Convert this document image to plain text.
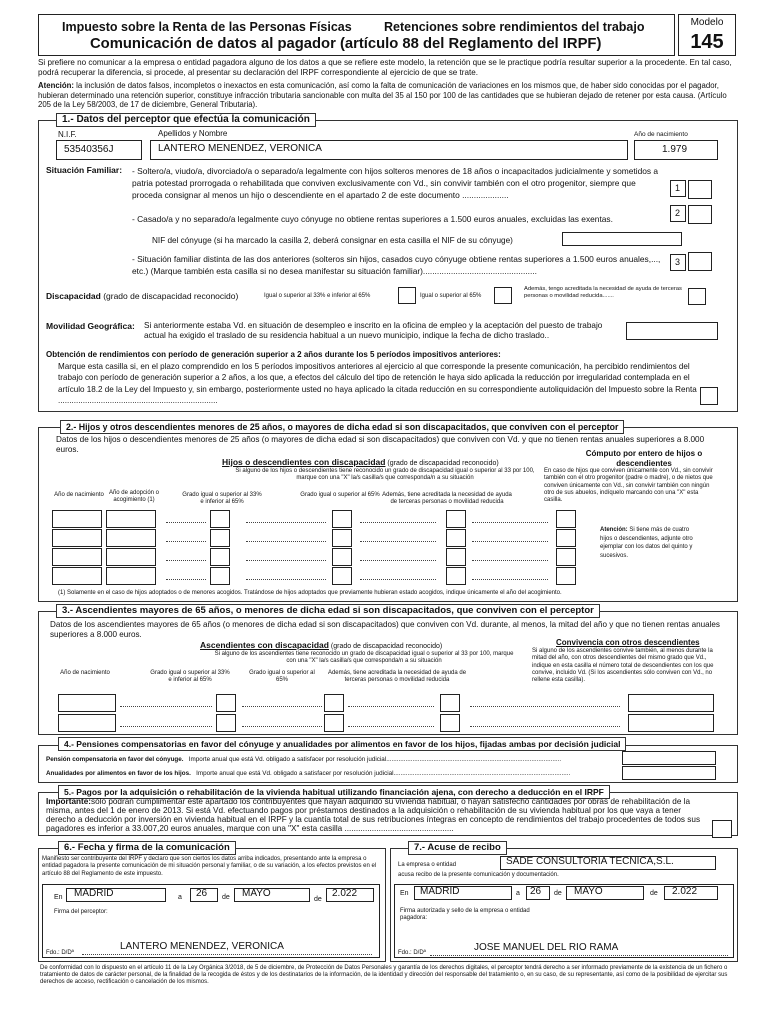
Impuesto sobre la Renta de las Personas Físicas	Retenciones sobre rendimientos del trabajo
Comunicación de datos al pagador (artículo 88 del Reglamento del IRPF)
Modelo
145
Si prefiere no comunicar a la empresa o entidad pagadora alguno de los datos a que se refiere este modelo, la retención que se le practique podría resultar superior a la procedente. En tal caso, podrá recuperar la diferencia, si procede, al presentar su declaración del IRPF correspondiente al ejercicio de que se trate.
Atención: la inclusión de datos falsos, incompletos o inexactos en esta comunicación, así como la falta de comunicación de variaciones en los mismos que, de haber sido conocidas por el pagador, hubieran determinado una retención superior, constituye infracción tributaria sancionable con multa del 35 al 150 por 100 de las cantidades que se hubieran dejado de retener por esta causa. (Artículo 205 de la Ley 58/2003, de 17 de diciembre, General Tributaria).
1.- Datos del perceptor que efectúa la comunicación
N.I.F.
53540356J
Apellidos y Nombre
LANTERO MENENDEZ, VERONICA
Año de nacimiento
1.979
Situación Familiar: - Soltero/a, viudo/a, divorciado/a o separado/a legalmente con hijos solteros menores de 18 años o incapacitados judicialmente y sometidos a patria potestad prorrogada o rehabilitada que conviven exclusivamente con Vd., sin convivir también con el otro progenitor, siempre que proceda consignar al menos un hijo o descendiente en el apartado 2 de este documento ....................
1
- Casado/a y no separado/a legalmente cuyo cónyuge no obtiene rentas superiores a 1.500 euros anuales, excluidas las exentas.
2
NIF del cónyuge (si ha marcado la casilla 2, deberá consignar en esta casilla el NIF de su cónyuge)
- Situación familiar distinta de las dos anteriores (solteros sin hijos, casados cuyo cónyuge obtiene rentas superiores a 1.500 euros anuales,..., etc.) (Marque también esta casilla si no desea manifestar su situación familiar).................................................
3
Discapacidad (grado de discapacidad reconocido)	Igual o superior al 33% e inferior al 65%	Igual o superior al 65%
Además, tengo acreditada la necesidad de ayuda de terceras personas o movilidad reducida.......
Movilidad Geográfica: Si anteriormente estaba Vd. en situación de desempleo e inscrito en la oficina de empleo y la aceptación del puesto de trabajo actual ha exigido el traslado de su residencia habitual a un nuevo municipio, indique la fecha de dicho traslado..
Obtención de rendimientos con período de generación superior a 2 años durante los 5 períodos impositivos anteriores:
Marque esta casilla si, en el plazo comprendido en los 5 períodos impositivos anteriores al ejercicio al que corresponde la presente comunicación, ha percibido rendimientos del trabajo con período de generación superior a 2 años, a los que, a efectos del cálculo del tipo de retención le haya sido aplicada la reducción por irregularidad contemplada en el artículo 18.2 de la Ley del Impuesto y, sin embargo, posteriormente usted no haya aplicado la citada reducción en su correspondiente autoliquidación del Impuesto sobre la Renta .......................................................................
2.- Hijos y otros descendientes menores de 25 años, o mayores de dicha edad si son discapacitados, que conviven con el perceptor
Datos de los hijos o descendientes menores de 25 años (o mayores de dicha edad si son discapacitados) que conviven con Vd. y que no tienen rentas anuales superiores a 8.000 euros.
Hijos o descendientes con discapacidad (grado de discapacidad reconocido)
Si alguno de los hijos o descendientes tiene reconocido un grado de discapacidad igual o superior al 33 por 100, marque con una "X" la/s casilla/s que corresponda/n a su situación
Cómputo por entero de hijos o descendientes
En caso de hijos que conviven únicamente con Vd., sin convivir también con el otro progenitor (padre o madre), o de nietos que conviven únicamente con Vd., sin convivir también con ningún otro de sus abuelos, indíquelo marcando con una "X" esta casilla.
Año de nacimiento Año de adopción o acogimiento (1)
Grado igual o superior al 33% e inferior al 65%
Grado igual o superior al 65% Además, tiene acreditada la necesidad de ayuda de terceras personas o movilidad reducida
Atención: Si tiene más de cuatro hijos o descendientes, adjunte otro ejemplar con los datos del quinto y sucesivos.
(1) Solamente en el caso de hijos adoptados o de menores acogidos. Tratándose de hijos adoptados que previamente hubieran estado acogidos, indique únicamente el año del acogimiento.
3.- Ascendientes mayores de 65 años, o menores de dicha edad si son discapacitados, que conviven con el perceptor
Datos de los ascendientes mayores de 65 años (o menores de dicha edad si son discapacitados) que conviven con Vd. durante, al menos, la mitad del año y que no tienen rentas anuales superiores a 8.000 euros.
Ascendientes con discapacidad (grado de discapacidad reconocido)
Si alguno de los ascendientes tiene reconocido un grado de discapacidad igual o superior al 33 por 100, marque con una "X" la/s casilla/s que corresponda/n a su situación
Convivencia con otros descendientes
Si alguno de los ascendientes convive también, al menos durante la mitad del año, con otros descendientes del mismo grado que Vd., indique en esta casilla el número total de descendientes con los que convive, incluido Vd. (Si los ascendientes sólo conviven con Vd., no rellene esta casilla).
Año de nacimiento	Grado igual o superior al 33% e inferior al 65%
Grado igual o superior al 65%
Además, tiene acreditada la necesidad de ayuda de terceras personas o movilidad reducida
4.- Pensiones compensatorias en favor del cónyuge y anualidades por alimentos en favor de los hijos, fijadas ambas por decisión judicial
Pensión compensatoria en favor del cónyuge. Importe anual que está Vd. obligado a satisfacer por resolución judicial....................................................................................................
Anualidades por alimentos en favor de los hijos. Importe anual que está Vd. obligado a satisfacer por resolución judicial.....................................................................................................
5.- Pagos por la adquisición o rehabilitación de la vivienda habitual utilizando financiación ajena, con derecho a deducción en el IRPF
Importante:sólo podrán cumplimentar este apartado los contribuyentes que hayan adquirido su vivienda habitual, o hayan satisfecho cantidades por obras de rehabilitación de la misma, antes del 1 de enero de 2013. Si está Vd. efectuando pagos por préstamos destinados a la adquisición o rehabilitación de su vivienda habitual por los que vaya a tener derecho a deducción por inversión en vivienda habitual en el IRPF y la cuantía total de sus retribuciones íntegras en concepto de rendimientos del trabajo procedentes de todos sus pagadores es inferior a 33.007,20 euros anuales, marque con una "X" esta casilla ................................................
6.- Fecha y firma de la comunicación
Manifiesto ser contribuyente del IRPF y declaro que son ciertos los datos arriba indicados, presentando ante la empresa o entidad pagadora la presente comunicación de mi situación personal y familiar, o de su variación, a los efectos previstos en el artículo 88 del Reglamento de este impuesto.
En MADRID	a 26 de MAYO
de
2.022
Firma del perceptor:
Fdo.: D/Dª
LANTERO MENENDEZ, VERONICA
7.- Acuse de recibo
La empresa o entidad	SADE CONSULTORIA TECNICA,S.L.
acusa recibo de la presente comunicación y documentación.
En MADRID	a 26 de MAYO	de 2.022
Firma autorizada y sello de la empresa o entidad pagadora:
Fdo.: D/Dª	JOSE MANUEL DEL RIO RAMA
De conformidad con lo dispuesto en el artículo 11 de la Ley Orgánica 3/2018, de 5 de diciembre, de Protección de Datos Personales y garantía de los derechos digitales, el perceptor tendrá derecho a ser informado previamente de la existencia de un fichero o tratamiento de datos de carácter personal, de la finalidad de la recogida de éstos y de los destinatarios de la información, de la identidad y dirección del responsable del tratamiento o, en su caso, de su representante, así como de la posibilidad de ejercitar sus derechos de acceso, rectificación o cancelación de los mismos.
